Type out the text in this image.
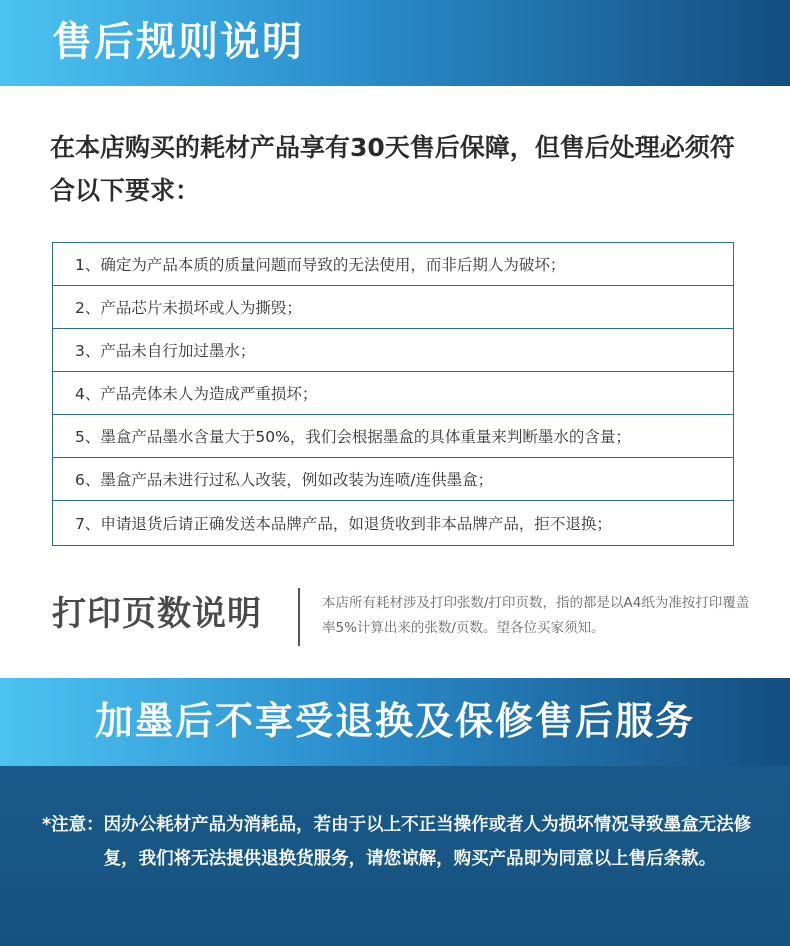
售后规则说明

在本店购买的耗材产品享有30天售后保障，但售后处理必须符合以下要求：

1、确定为产品本质的质量问题而导致的无法使用，而非后期人为破坏；
2、产品芯片未损坏或人为撕毁；
3、产品未自行加过墨水；
4、产品壳体未人为造成严重损坏；
5、墨盒产品墨水含量大于50%，我们会根据墨盒的具体重量来判断墨水的含量；
6、墨盒产品未进行过私人改装，例如改装为连喷/连供墨盒；
7、申请退货后请正确发送本品牌产品，如退货收到非本品牌产品，拒不退换；
打印页数说明	本店所有耗材涉及打印张数/打印页数，指的都是以A4纸为准按打印覆盖率5%计算出来的张数/页数。望各位买家须知。

加墨后不享受退换及保修售后服务
*注意： 因办公耗材产品为消耗品，若由于以上不正当操作或者人为损坏情况导致墨盒无法修复，我们将无法提供退换货服务，请您谅解，购买产品即为同意以上售后条款。
